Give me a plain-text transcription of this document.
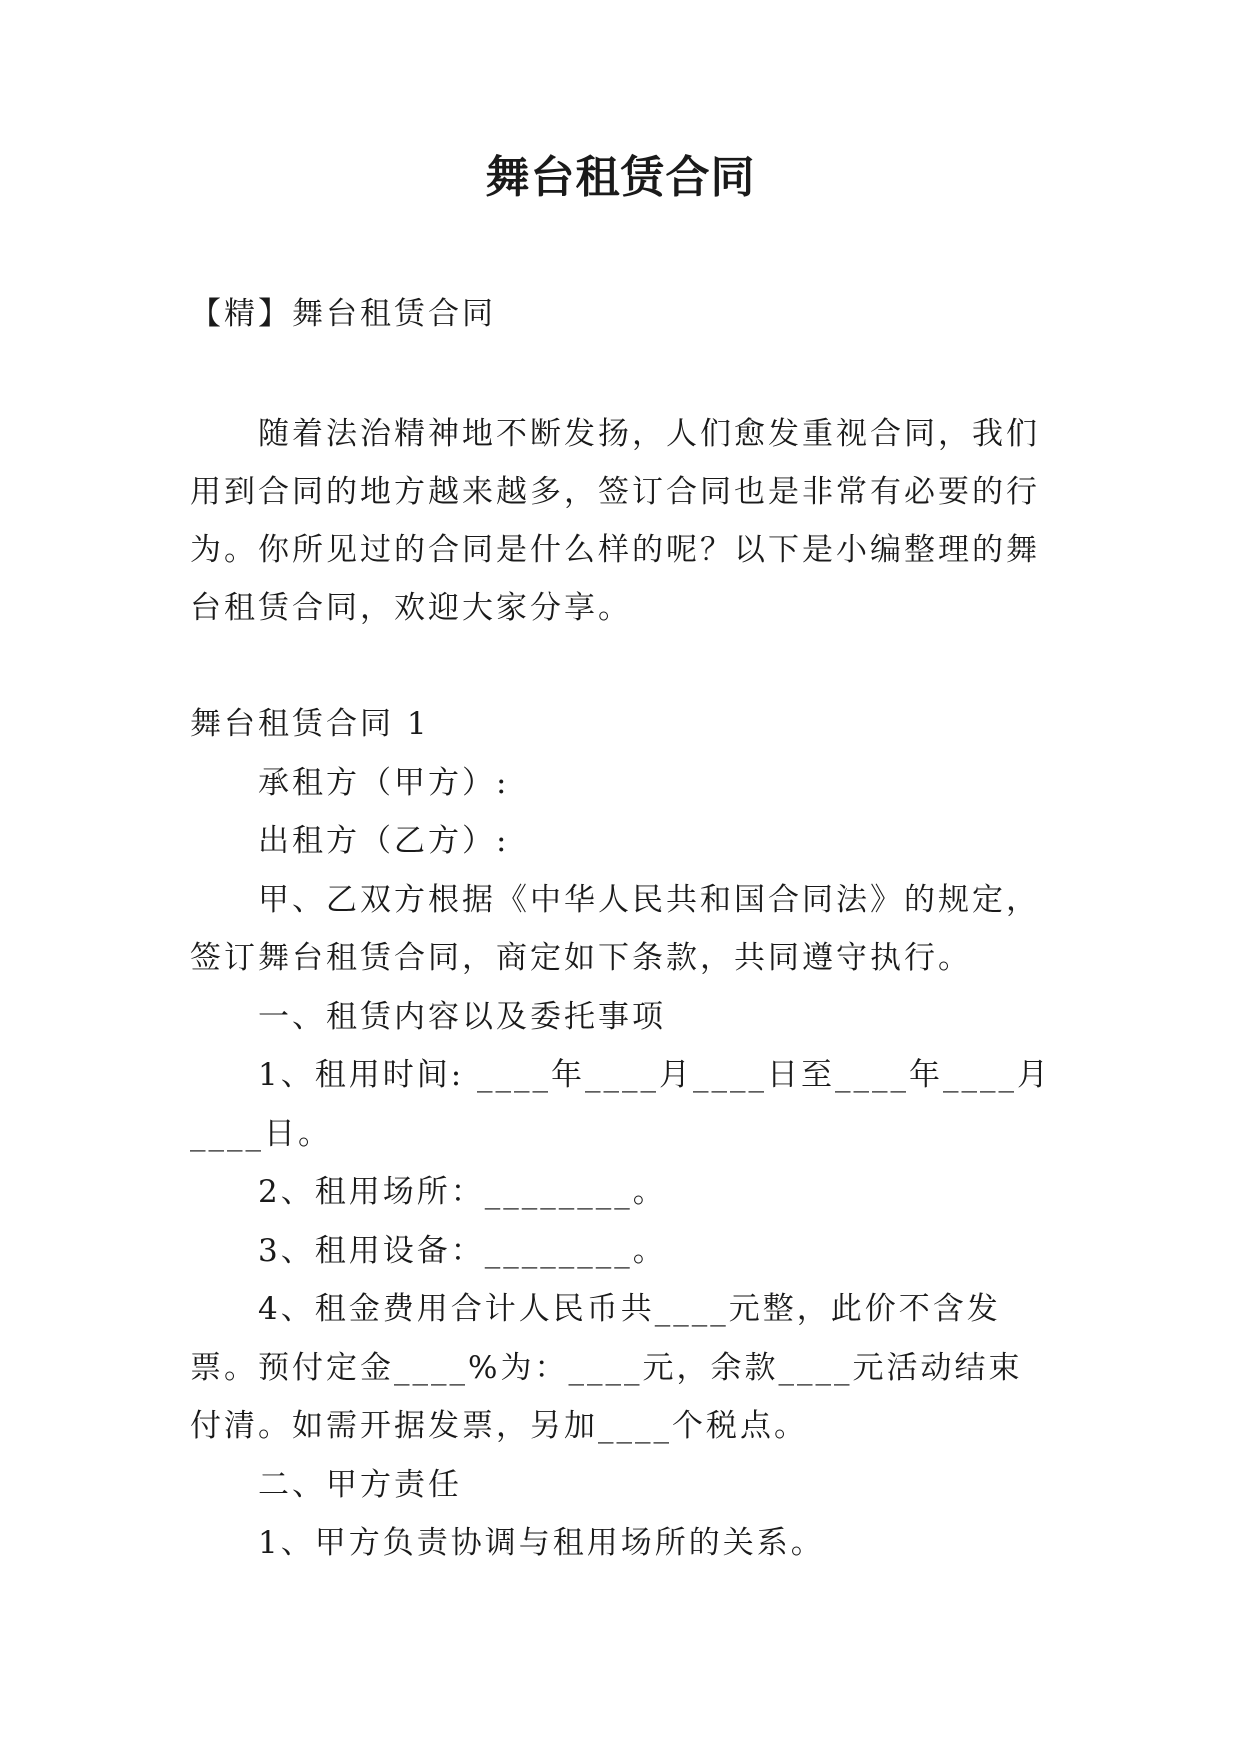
舞台租赁合同
【精】舞台租赁合同

随着法治精神地不断发扬，人们愈发重视合同，我们用到合同的地方越来越多，签订合同也是非常有必要的行为。你所见过的合同是什么样的呢？以下是小编整理的舞台租赁合同，欢迎大家分享。

舞台租赁合同 1

承租方（甲方）:

出租方（乙方）:

甲、乙双方根据《中华人民共和国合同法》的规定，签订舞台租赁合同，商定如下条款，共同遵守执行。

一、租赁内容以及委托事项

1、租用时间: ____年____月____日至____年____月____日。

2、租用场所：________。

3、租用设备：________。

4、租金费用合计人民币共____元整，此价不含发票。预付定金____%为：____元，余款____元活动结束付清。如需开据发票，另加____个税点。

二、甲方责任

1、甲方负责协调与租用场所的关系。
